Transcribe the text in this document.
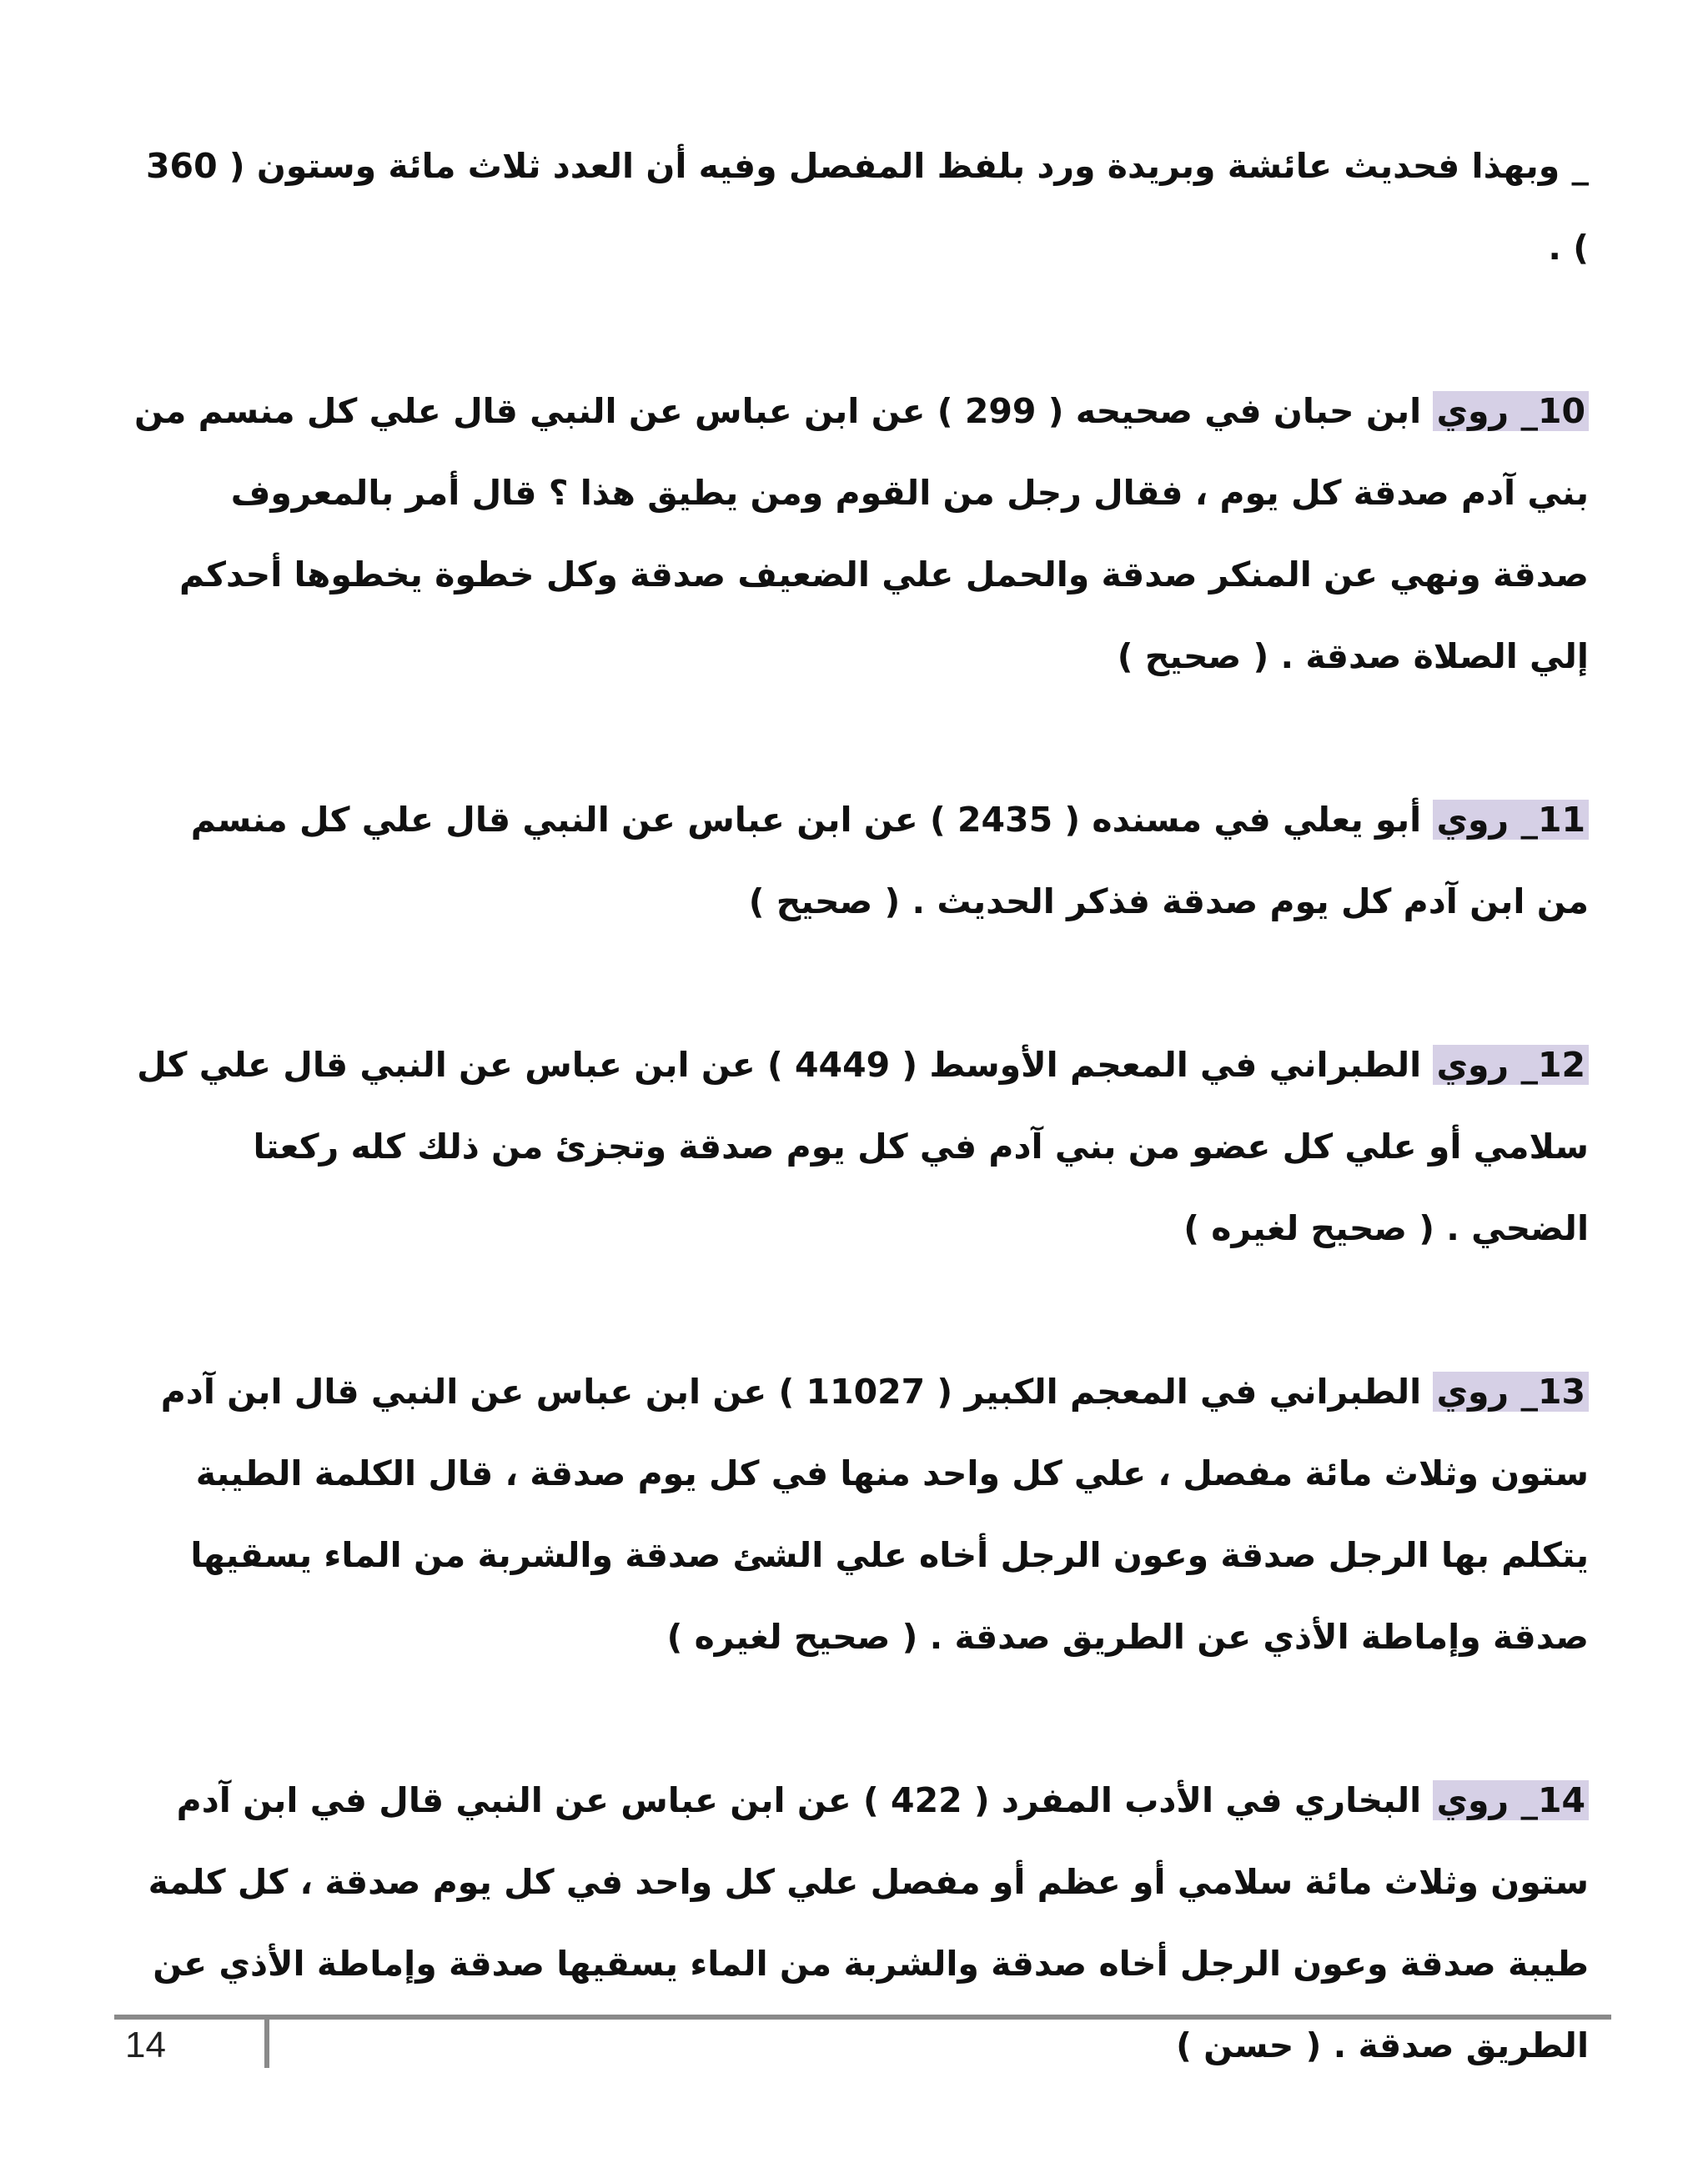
_ وبهذا فحديث عائشة وبريدة ورد بلفظ المفصل وفيه أن العدد ثلاث مائة وستون ( 360 ) .

10_ روي ابن حبان في صحيحه ( 299 ) عن ابن عباس عن النبي قال علي كل منسم من بني آدم صدقة كل يوم ، فقال رجل من القوم ومن يطيق هذا ؟ قال أمر بالمعروف صدقة ونهي عن المنكر صدقة والحمل علي الضعيف صدقة وكل خطوة يخطوها أحدكم إلي الصلاة صدقة . ( صحيح )

11_ روي أبو يعلي في مسنده ( 2435 ) عن ابن عباس عن النبي قال علي كل منسم من ابن آدم كل يوم صدقة فذكر الحديث . ( صحيح )

12_ روي الطبراني في المعجم الأوسط ( 4449 ) عن ابن عباس عن النبي قال علي كل سلامي أو علي كل عضو من بني آدم في كل يوم صدقة وتجزئ من ذلك كله ركعتا الضحي . ( صحيح لغيره )

13_ روي الطبراني في المعجم الكبير ( 11027 ) عن ابن عباس عن النبي قال ابن آدم ستون وثلاث مائة مفصل ، علي كل واحد منها في كل يوم صدقة ، قال الكلمة الطيبة يتكلم بها الرجل صدقة وعون الرجل أخاه علي الشئ صدقة والشربة من الماء يسقيها صدقة وإماطة الأذي عن الطريق صدقة . ( صحيح لغيره )

14_ روي البخاري في الأدب المفرد ( 422 ) عن ابن عباس عن النبي قال في ابن آدم ستون وثلاث مائة سلامي أو عظم أو مفصل علي كل واحد في كل يوم صدقة ، كل كلمة طيبة صدقة وعون الرجل أخاه صدقة والشربة من الماء يسقيها صدقة وإماطة الأذي عن الطريق صدقة . ( حسن )

14
